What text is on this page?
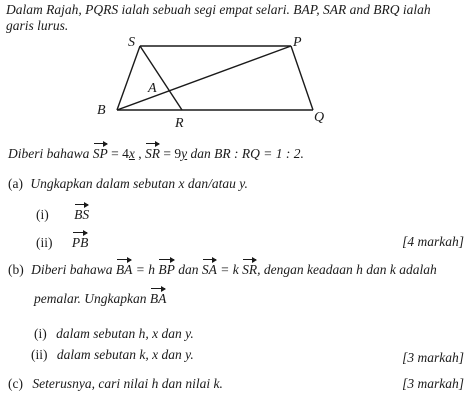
Dalam Rajah, PQRS ialah sebuah segi empat selari. BAP, SAR and BRQ ialah
garis lurus.
S	P
A
B
R	Q
Diberi bahawa SP = 4x , SR = 9y dan BR : RQ = 1 : 2.
(a) Ungkapkan dalam sebutan x dan/atau y.
(i) BS
(ii) PB	[4 markah]
(b) Diberi bahawa BA = h BP dan SA = k SR, dengan keadaan h dan k adalah
pemalar. Ungkapkan BA
(i) dalam sebutan h, x dan y.
(ii) dalam sebutan k, x dan y.	[3 markah]
(c) Seterusnya, cari nilai h dan nilai k.	[3 markah]
